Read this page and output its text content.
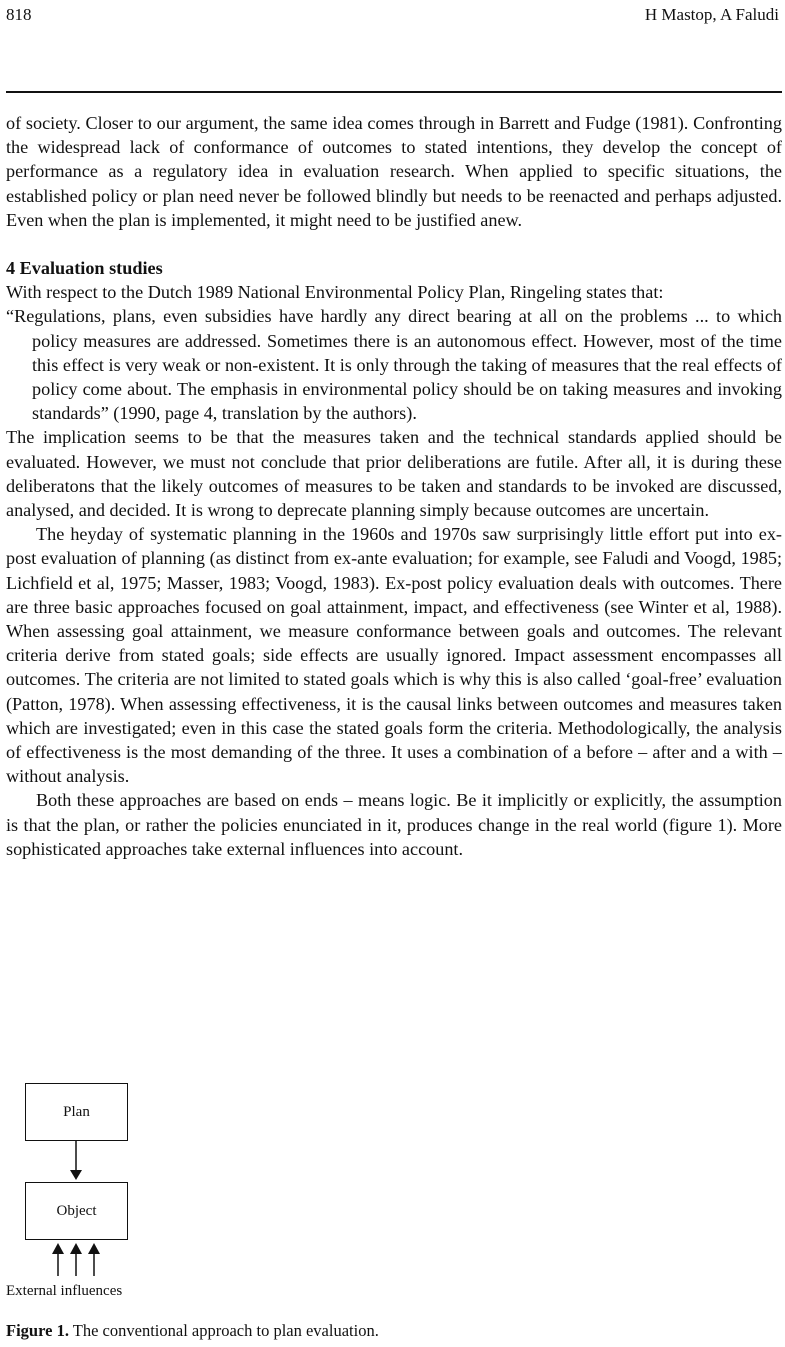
818	H Mastop, A Faludi

of society. Closer to our argument, the same idea comes through in Barrett and Fudge (1981). Confronting the widespread lack of conformance of outcomes to stated intentions, they develop the concept of performance as a regulatory idea in evaluation research. When applied to specific situations, the established policy or plan need never be followed blindly but needs to be reenacted and perhaps adjusted. Even when the plan is implemented, it might need to be justified anew.

4 Evaluation studies

With respect to the Dutch 1989 National Environmental Policy Plan, Ringeling states that:

“Regulations, plans, even subsidies have hardly any direct bearing at all on the problems ... to which policy measures are addressed. Sometimes there is an autonomous effect. However, most of the time this effect is very weak or non-existent. It is only through the taking of measures that the real effects of policy come about. The emphasis in environmental policy should be on taking measures and invoking standards” (1990, page 4, translation by the authors).

The implication seems to be that the measures taken and the technical standards applied should be evaluated. However, we must not conclude that prior deliberations are futile. After all, it is during these deliberatons that the likely outcomes of measures to be taken and standards to be invoked are discussed, analysed, and decided. It is wrong to deprecate planning simply because outcomes are uncertain.

The heyday of systematic planning in the 1960s and 1970s saw surprisingly little effort put into ex-post evaluation of planning (as distinct from ex-ante evaluation; for example, see Faludi and Voogd, 1985; Lichfield et al, 1975; Masser, 1983; Voogd, 1983). Ex-post policy evaluation deals with outcomes. There are three basic approaches focused on goal attainment, impact, and effectiveness (see Winter et al, 1988). When assessing goal attainment, we measure conformance between goals and outcomes. The relevant criteria derive from stated goals; side effects are usually ignored. Impact assessment encompasses all outcomes. The criteria are not limited to stated goals which is why this is also called ‘goal-free’ evaluation (Patton, 1978). When assessing effectiveness, it is the causal links between outcomes and measures taken which are investigated; even in this case the stated goals form the criteria. Methodologically, the analysis of effectiveness is the most demanding of the three. It uses a combination of a before – after and a with – without analysis.

Both these approaches are based on ends – means logic. Be it implicitly or explicitly, the assumption is that the plan, or rather the policies enunciated in it, produces change in the real world (figure 1). More sophisticated approaches take external influences into account.

Plan
Object
External influences
Figure 1. The conventional approach to plan evaluation.
